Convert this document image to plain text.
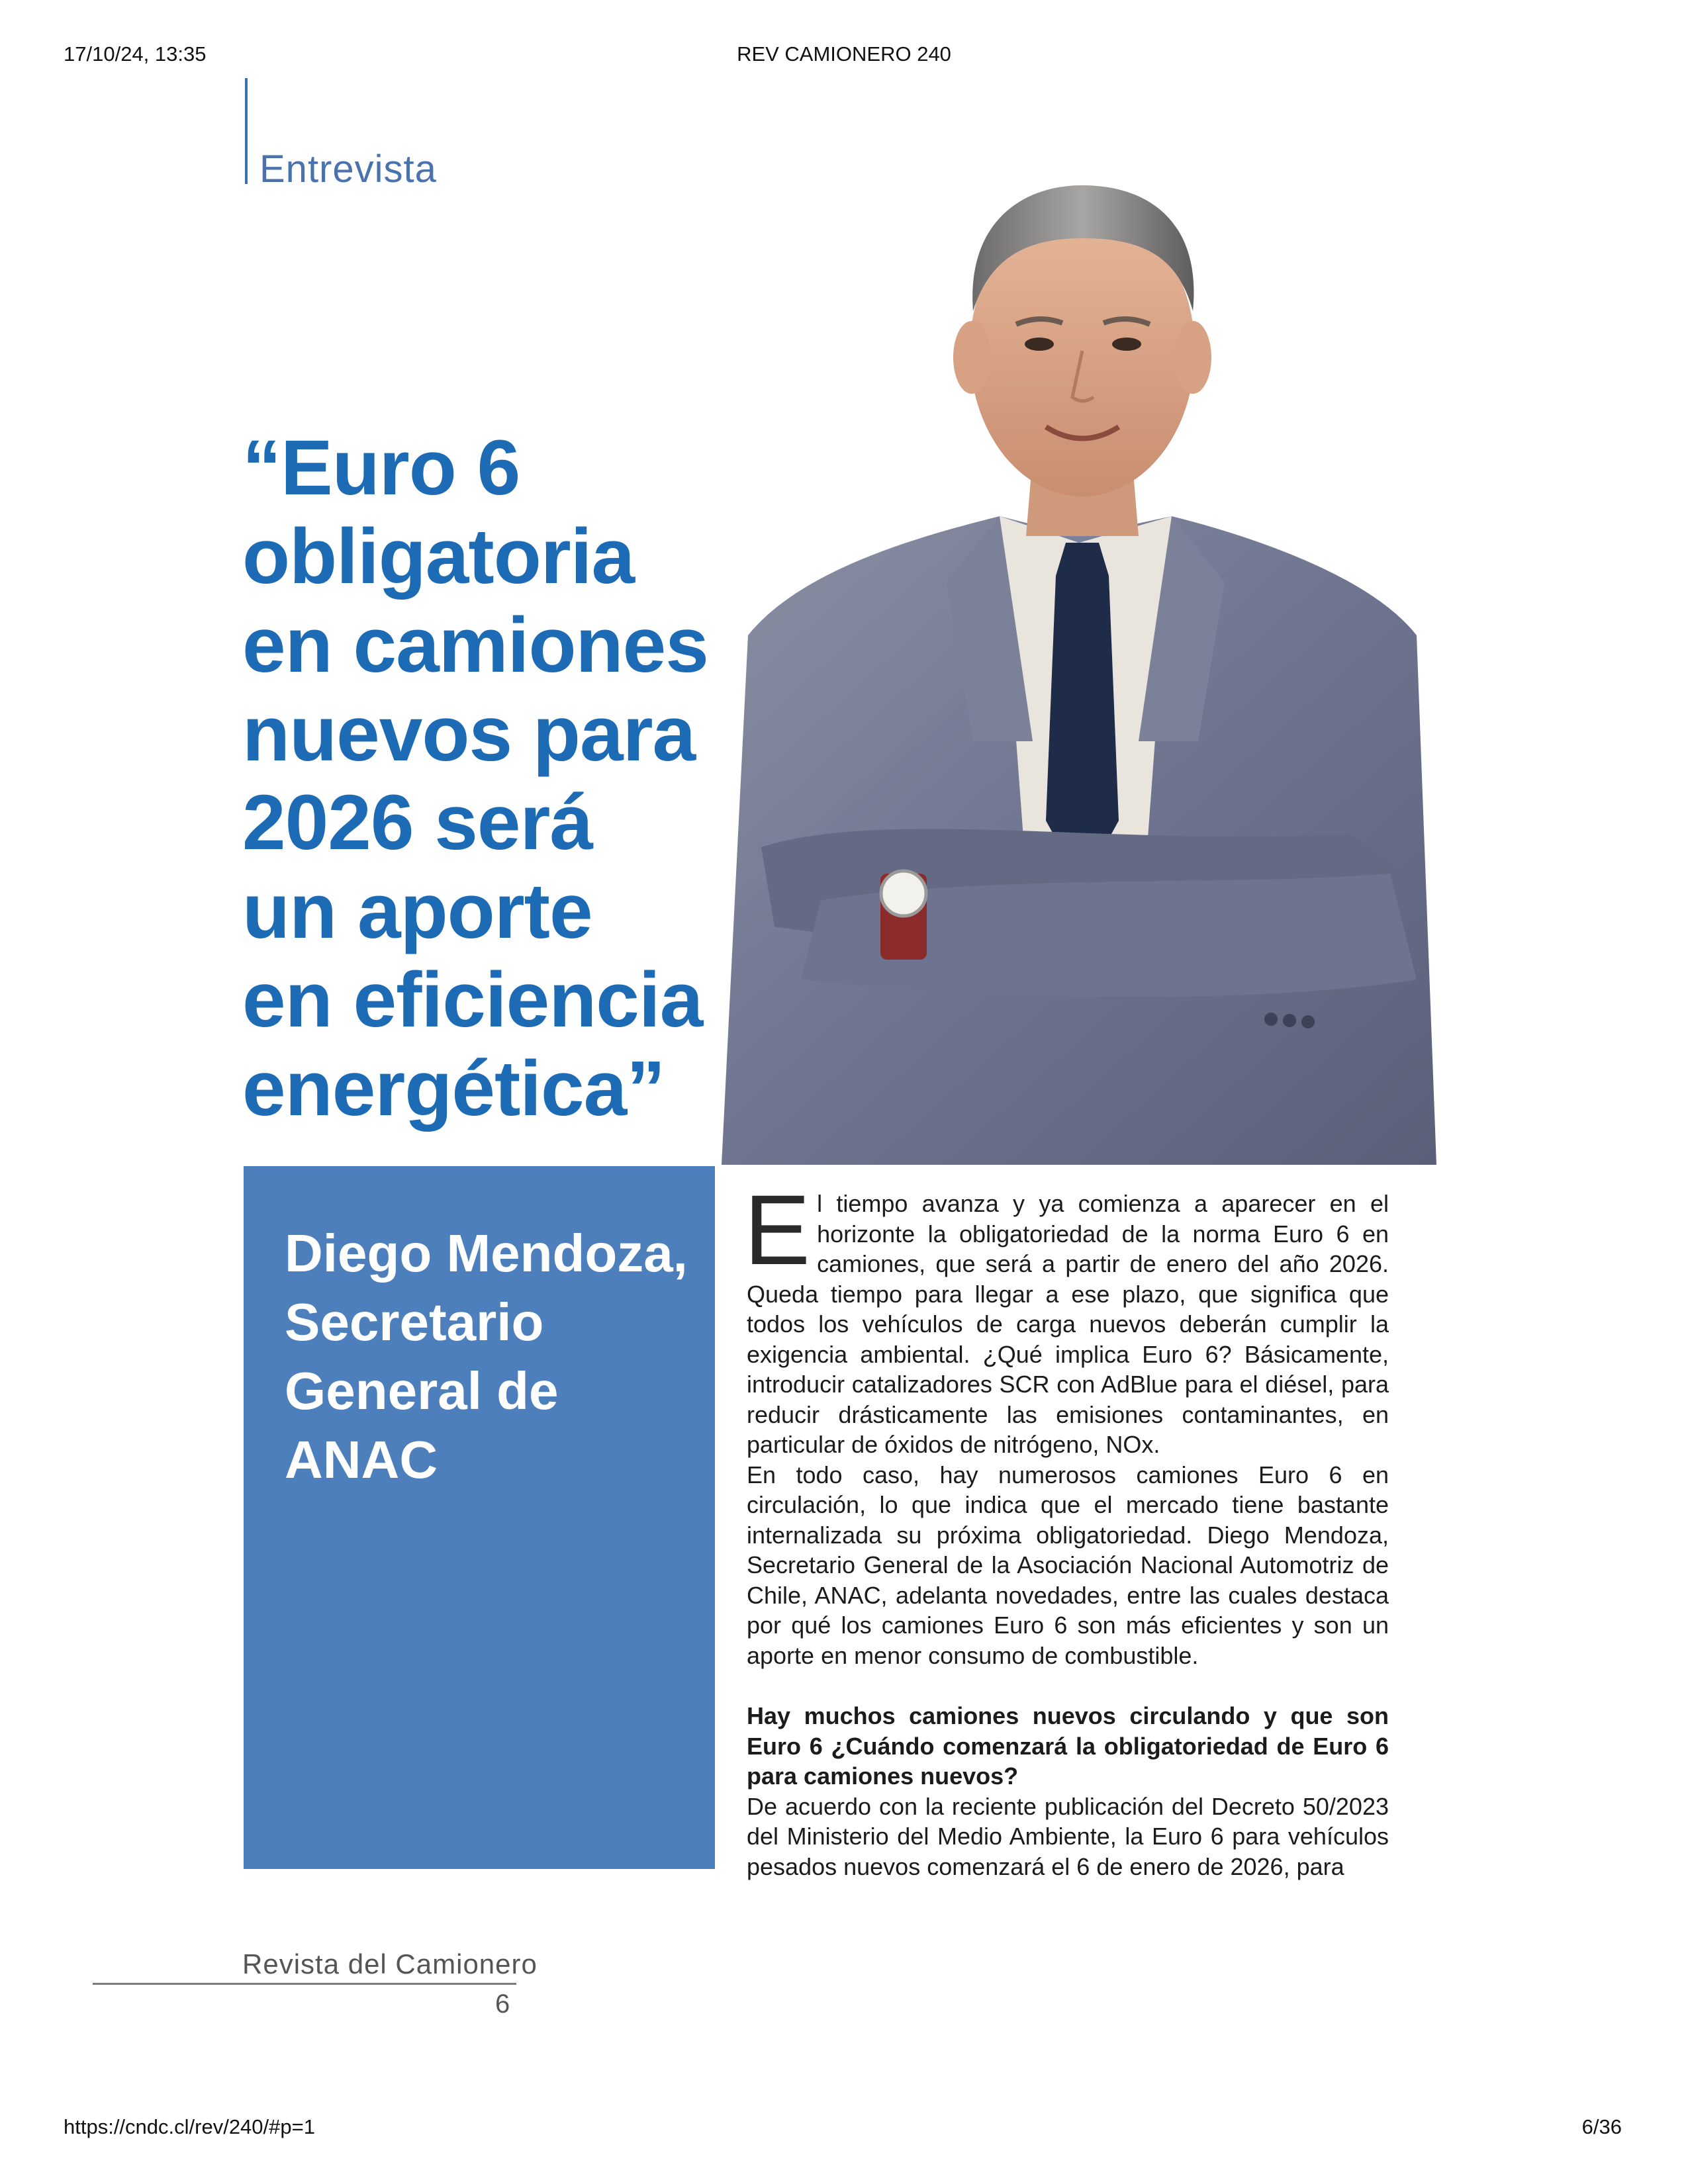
17/10/24, 13:35	REV CAMIONERO 240
https://cndc.cl/rev/240/#p=1	6/36
Entrevista
“Euro 6
obligatoria
en camiones
nuevos para
2026 será
un aporte
en eficiencia
energética”
Diego Mendoza,
Secretario
General de
ANAC

El tiempo avanza y ya comienza a aparecer en el horizonte la obligatoriedad de la norma Euro 6 en camiones, que será a partir de enero del año 2026. Queda tiempo para llegar a ese plazo, que significa que todos los vehículos de carga nuevos deberán cumplir la exigencia ambiental. ¿Qué implica Euro 6? Básicamente, introducir catalizadores SCR con AdBlue para el diésel, para reducir drásticamente las emisiones contaminantes, en particular de óxidos de nitrógeno, NOx.

En todo caso, hay numerosos camiones Euro 6 en circulación, lo que indica que el mercado tiene bastante internalizada su próxima obligatoriedad. Diego Mendoza, Secretario General de la Asociación Nacional Automotriz de Chile, ANAC, adelanta novedades, entre las cuales destaca por qué los camiones Euro 6 son más eficientes y son un aporte en menor consumo de combustible.

Hay muchos camiones nuevos circulando y que son Euro 6 ¿Cuándo comenzará la obligatoriedad de Euro 6 para camiones nuevos?

De acuerdo con la reciente publicación del Decreto 50/2023 del Ministerio del Medio Ambiente, la Euro 6 para vehículos pesados nuevos comenzará el 6 de enero de 2026, para

Revista del Camionero
6
